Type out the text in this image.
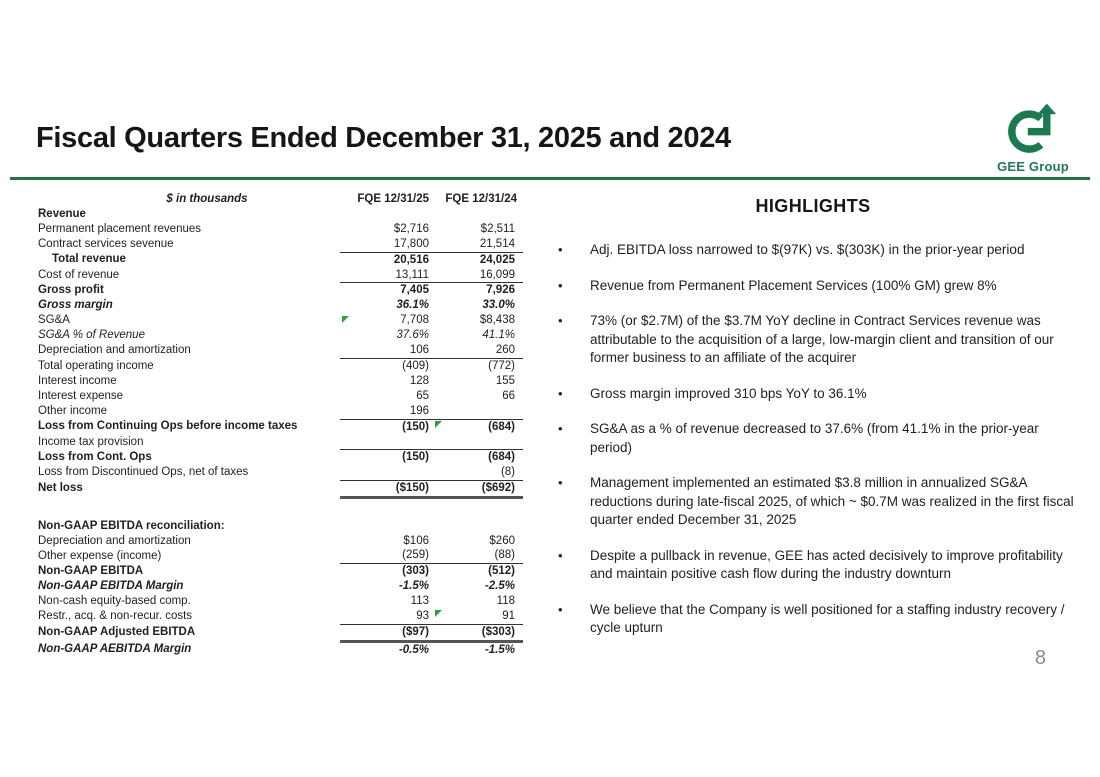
Fiscal Quarters Ended December 31, 2025 and 2024
GEE Group
$ in thousands	FQE 12/31/25	FQE 12/31/24
Revenue		
Permanent placement revenues	$2,716	$2,511
Contract services sevenue	17,800	21,514
Total revenue	20,516	24,025
Cost of revenue	13,111	16,099
Gross profit	7,405	7,926
Gross margin	36.1%	33.0%
SG&A	7,708	$8,438
SG&A % of Revenue	37.6%	41.1%
Depreciation and amortization	106	260
Total operating income	(409)	(772)
Interest income	128	155
Interest expense	65	66
Other income	196	
Loss from Continuing Ops before income taxes	(150)	(684)
Income tax provision		
Loss from Cont. Ops	(150)	(684)
Loss from Discontinued Ops, net of taxes		(8)
Net loss	($150)	($692)

Non-GAAP EBITDA reconciliation:		
Depreciation and amortization	$106	$260
Other expense (income)	(259)	(88)
Non-GAAP EBITDA	(303)	(512)
Non-GAAP EBITDA Margin	-1.5%	-2.5%
Non-cash equity-based comp.	113	118
Restr., acq. & non-recur. costs	93	91
Non-GAAP Adjusted EBITDA	($97)	($303)
Non-GAAP AEBITDA Margin	-0.5%	-1.5%
HIGHLIGHTS
•	Adj. EBITDA loss narrowed to $(97K) vs. $(303K) in the prior-year period
•	Revenue from Permanent Placement Services (100% GM) grew 8%
•	73% (or $2.7M) of the $3.7M YoY decline in Contract Services revenue was attributable to the acquisition of a large, low-margin client and transition of our former business to an affiliate of the acquirer
•	Gross margin improved 310 bps YoY to 36.1%
•	SG&A as a % of revenue decreased to 37.6% (from 41.1% in the prior-year period)
•	Management implemented an estimated $3.8 million in annualized SG&A reductions during late-fiscal 2025, of which ~ $0.7M was realized in the first fiscal quarter ended December 31, 2025
•	Despite a pullback in revenue, GEE has acted decisively to improve profitability and maintain positive cash flow during the industry downturn
•	We believe that the Company is well positioned for a staffing industry recovery / cycle upturn
8
